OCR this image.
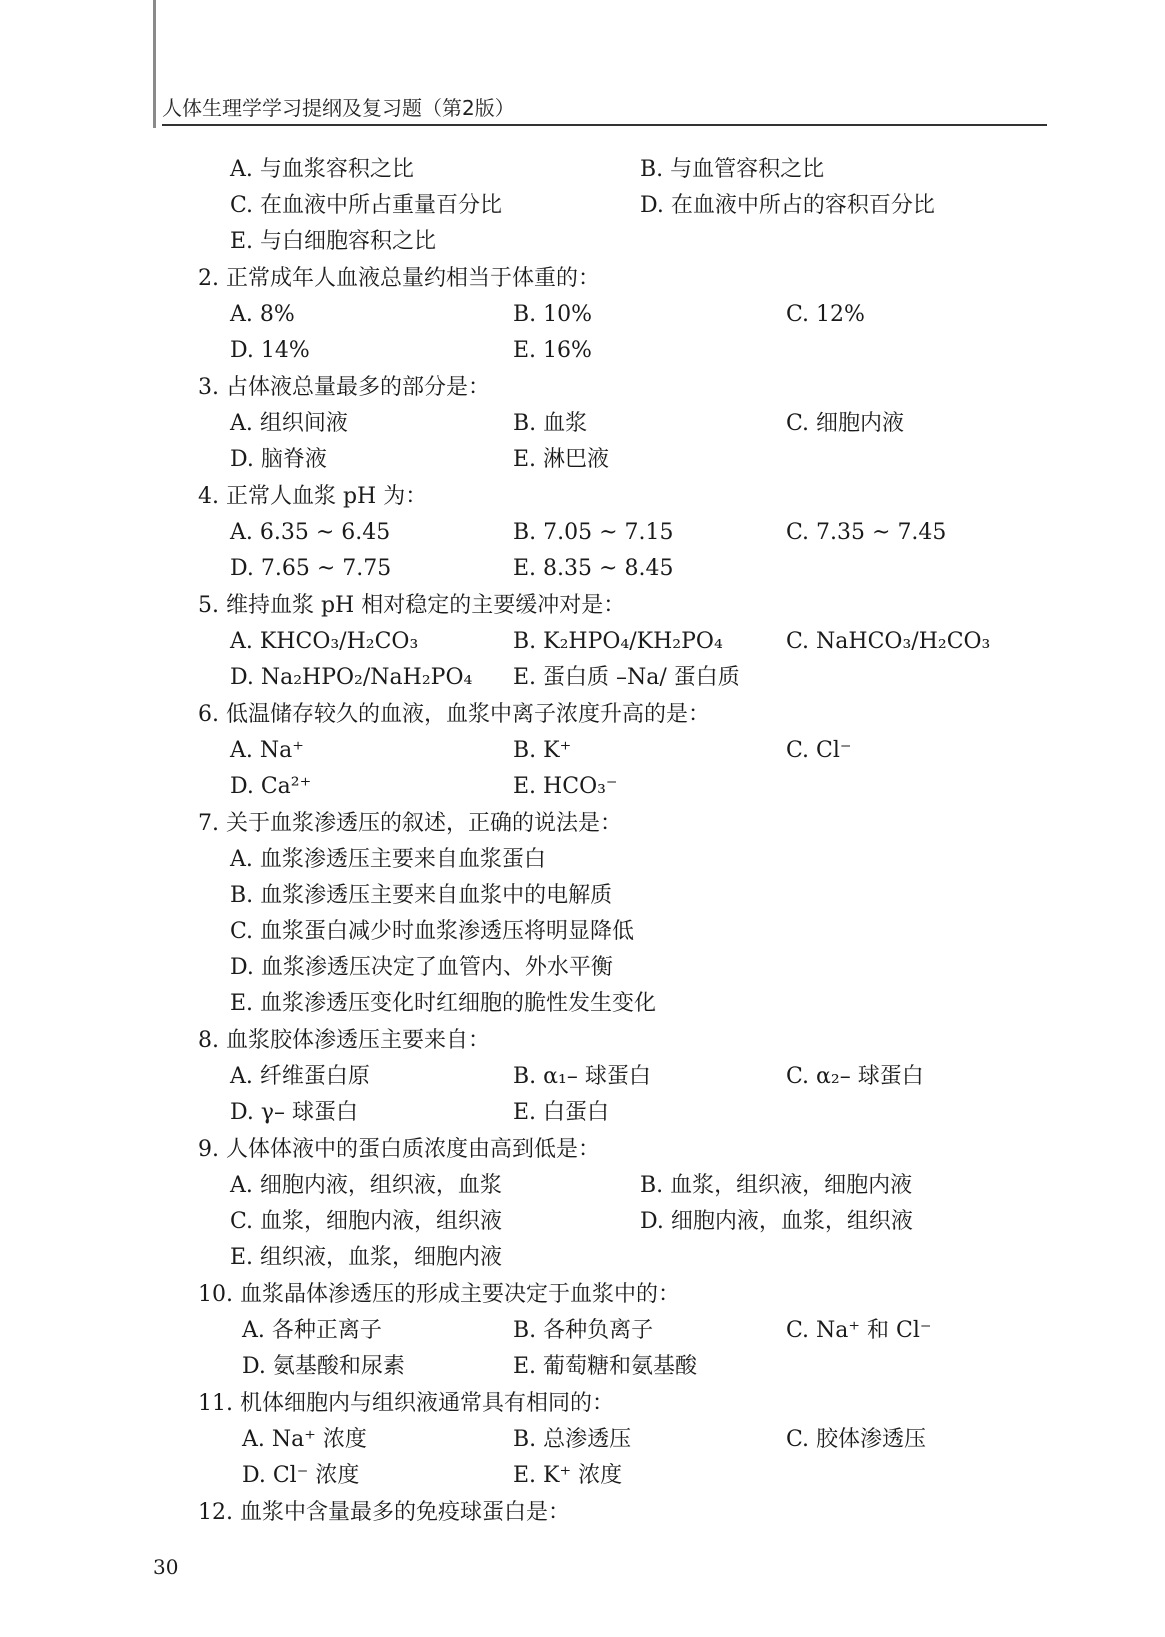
人体生理学学习提纲及复习题（第2版）
A. 与血浆容积之比	B. 与血管容积之比
C. 在血液中所占重量百分比	D. 在血液中所占的容积百分比
E. 与白细胞容积之比
2. 正常成年人血液总量约相当于体重的：
A. 8%	B. 10%	C. 12%
D. 14%	E. 16%
3. 占体液总量最多的部分是：
A. 组织间液	B. 血浆	C. 细胞内液
D. 脑脊液	E. 淋巴液
4. 正常人血浆 pH 为：
A. 6.35 ~ 6.45	B. 7.05 ~ 7.15	C. 7.35 ~ 7.45
D. 7.65 ~ 7.75	E. 8.35 ~ 8.45
5. 维持血浆 pH 相对稳定的主要缓冲对是：
A. KHCO₃/H₂CO₃	B. K₂HPO₄/KH₂PO₄	C. NaHCO₃/H₂CO₃
D. Na₂HPO₂/NaH₂PO₄ E. 蛋白质 –Na/ 蛋白质
6. 低温储存较久的血液，血浆中离子浓度升高的是：
A. Na⁺	B. K⁺	C. Cl⁻
D. Ca²⁺	E. HCO₃⁻
7. 关于血浆渗透压的叙述，正确的说法是：
A. 血浆渗透压主要来自血浆蛋白
B. 血浆渗透压主要来自血浆中的电解质
C. 血浆蛋白减少时血浆渗透压将明显降低
D. 血浆渗透压决定了血管内、外水平衡
E. 血浆渗透压变化时红细胞的脆性发生变化
8. 血浆胶体渗透压主要来自：
A. 纤维蛋白原	B. α₁– 球蛋白	C. α₂– 球蛋白
D. γ– 球蛋白	E. 白蛋白
9. 人体体液中的蛋白质浓度由高到低是：
A. 细胞内液，组织液，血浆	B. 血浆，组织液，细胞内液
C. 血浆，细胞内液，组织液	D. 细胞内液，血浆，组织液
E. 组织液，血浆，细胞内液
10. 血浆晶体渗透压的形成主要决定于血浆中的：
A. 各种正离子	B. 各种负离子	C. Na⁺ 和 Cl⁻
D. 氨基酸和尿素	E. 葡萄糖和氨基酸
11. 机体细胞内与组织液通常具有相同的：
A. Na⁺ 浓度	B. 总渗透压	C. 胶体渗透压
D. Cl⁻ 浓度	E. K⁺ 浓度
12. 血浆中含量最多的免疫球蛋白是：
30
